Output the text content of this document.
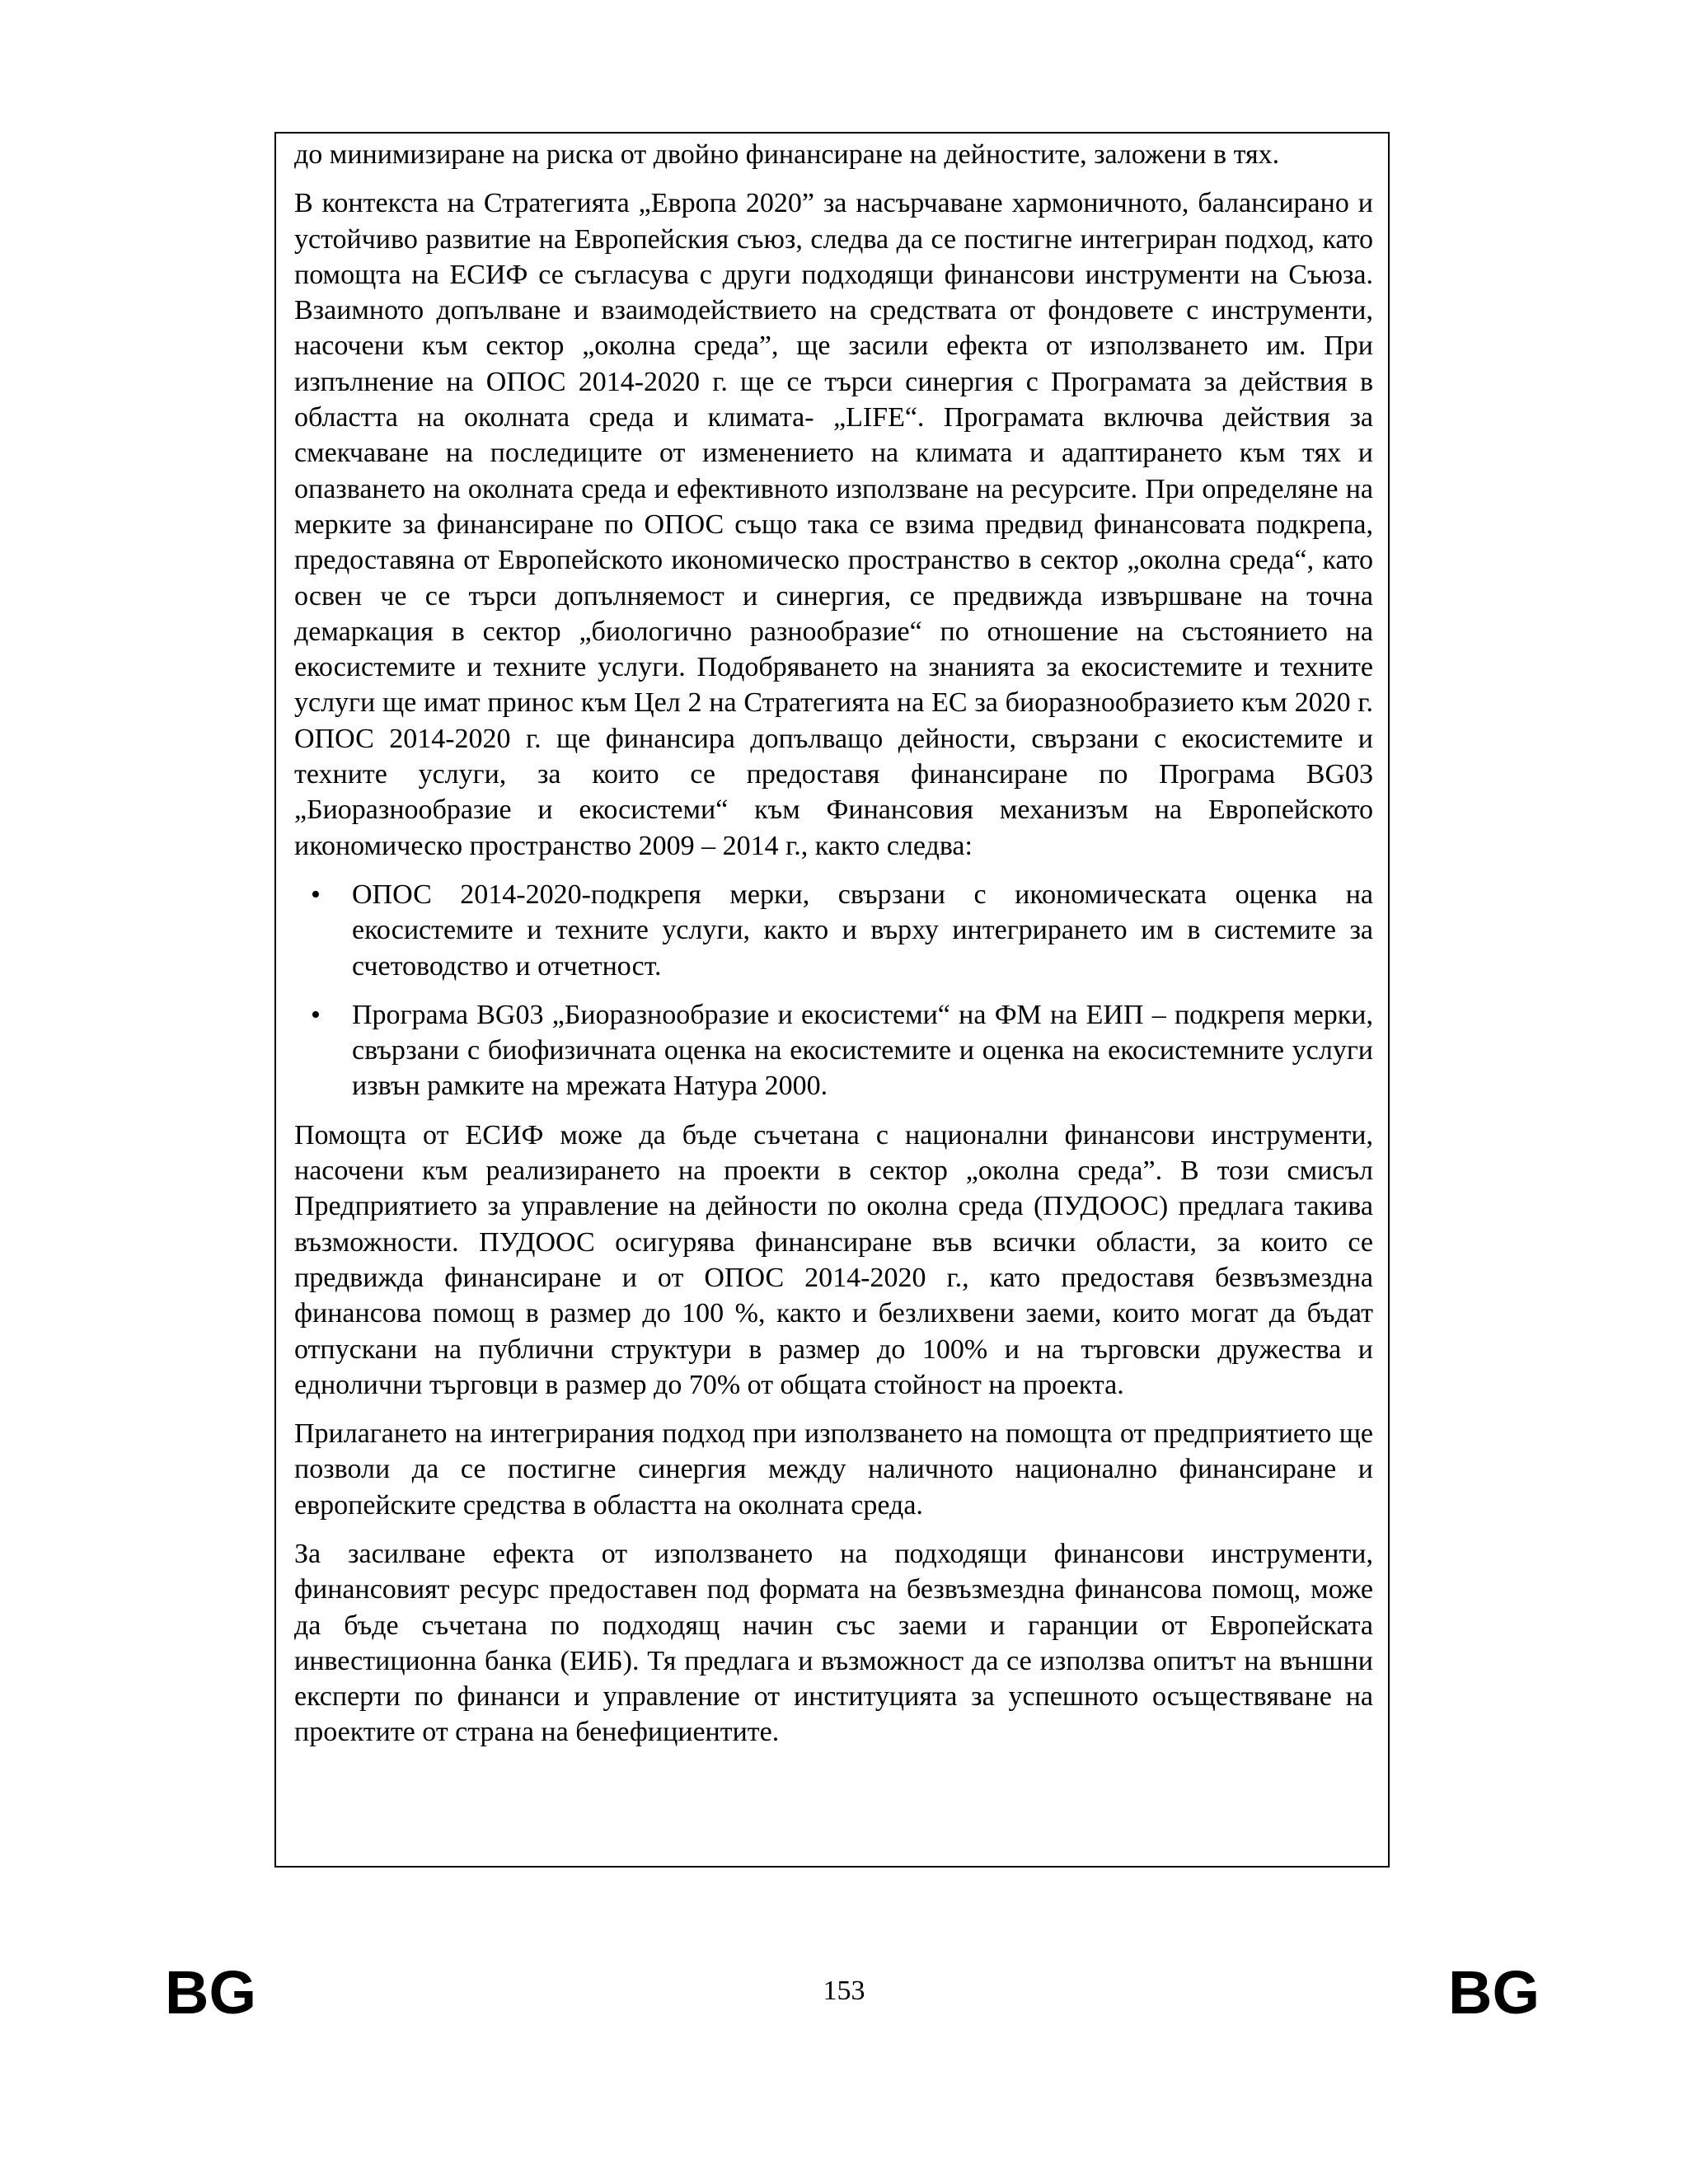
до минимизиране на риска от двойно финансиране на дейностите, заложени в тях.

В контекста на Стратегията „Европа 2020” за насърчаване хармоничното, балансирано и устойчиво развитие на Европейския съюз, следва да се постигне интегриран подход, като помощта на ЕСИФ се съгласува с други подходящи финансови инструменти на Съюза. Взаимното допълване и взаимодействието на средствата от фондовете с инструменти, насочени към сектор „околна среда”, ще засили ефекта от използването им. При изпълнение на ОПОС 2014-2020 г. ще се търси синергия с Програмата за действия в областта на околната среда и климата- „LIFE“. Програмата включва действия за смекчаване на последиците от изменението на климата и адаптирането към тях и опазването на околната среда и ефективното използване на ресурсите. При определяне на мерките за финансиране по ОПОС също така се взима предвид финансовата подкрепа, предоставяна от Европейското икономическо пространство в сектор „околна среда“, като освен че се търси допълняемост и синергия, се предвижда извършване на точна демаркация в сектор „биологично разнообразие“ по отношение на състоянието на екосистемите и техните услуги. Подобряването на знанията за екосистемите и техните услуги ще имат принос към Цел 2 на Стратегията на ЕС за биоразнообразието към 2020 г. ОПОС 2014-2020 г. ще финансира допълващо дейности, свързани с екосистемите и техните услуги, за които се предоставя финансиране по Програма BG03 „Биоразнообразие и екосистеми“ към Финансовия механизъм на Европейското икономическо пространство 2009 – 2014 г., както следва:

• ОПОС 2014-2020-подкрепя мерки, свързани с икономическата оценка на екосистемите и техните услуги, както и върху интегрирането им в системите за счетоводство и отчетност.
• Програма BG03 „Биоразнообразие и екосистеми“ на ФМ на ЕИП – подкрепя мерки, свързани с биофизичната оценка на екосистемите и оценка на екосистемните услуги извън рамките на мрежата Натура 2000.

Помощта от ЕСИФ може да бъде съчетана с национални финансови инструменти, насочени към реализирането на проекти в сектор „околна среда”. В този смисъл Предприятието за управление на дейности по околна среда (ПУДООС) предлага такива възможности. ПУДООС осигурява финансиране във всички области, за които се предвижда финансиране и от ОПОС 2014-2020 г., като предоставя безвъзмездна финансова помощ в размер до 100 %, както и безлихвени заеми, които могат да бъдат отпускани на публични структури в размер до 100% и на търговски дружества и еднолични търговци в размер до 70% от общата стойност на проекта.

Прилагането на интегрирания подход при използването на помощта от предприятието ще позволи да се постигне синергия между наличното национално финансиране и европейските средства в областта на околната среда.

За засилване ефекта от използването на подходящи финансови инструменти, финансовият ресурс предоставен под формата на безвъзмездна финансова помощ, може да бъде съчетана по подходящ начин със заеми и гаранции от Европейската инвестиционна банка (ЕИБ). Тя предлага и възможност да се използва опитът на външни експерти по финанси и управление от институцията за успешното осъществяване на проектите от страна на бенефициентите.

BG	153	BG
